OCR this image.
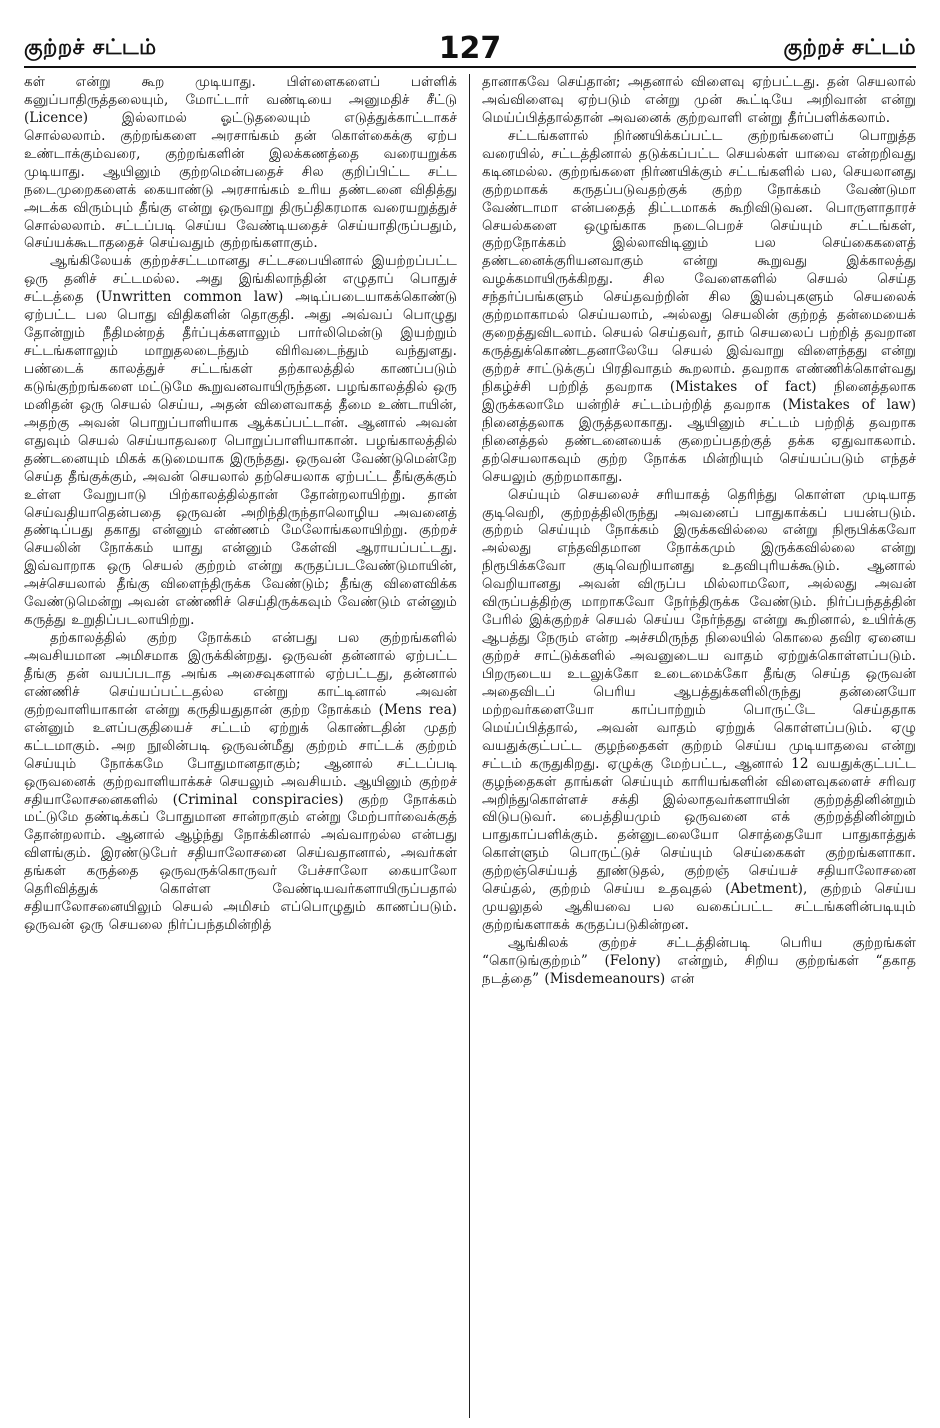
குற்றச் சட்டம்	127	குற்றச் சட்டம்

கள் என்று கூற முடியாது. பிள்ளைகளைப் பள்ளிக் கனுப்பாதிருத்தலையும், மோட்டார் வண்டியை அனுமதிச் சீட்டு (Licence) இல்லாமல் ஓட்டுதலையும் எடுத்துக்காட்டாகச் சொல்லலாம். குற்றங்களை அரசாங்கம் தன் கொள்கைக்கு ஏற்ப உண்டாக்கும்வரை, குற்றங்களின் இலக்கணத்தை வரையறுக்க முடியாது. ஆயினும் குற்றமென்பதைச் சில குறிப்பிட்ட சட்ட நடைமுறைகளைக் கையாண்டு அரசாங்கம் உரிய தண்டனை விதித்து அடக்க விரும்பும் தீங்கு என்று ஒருவாறு திருப்திகரமாக வரையறுத்துச் சொல்லலாம். சட்டப்படி செய்ய வேண்டியதைச் செய்யாதிருப்பதும், செய்யக்கூடாததைச் செய்வதும் குற்றங்களாகும்.

ஆங்கிலேயக் குற்றச்சட்டமானது சட்டசபையினால் இயற்றப்பட்ட ஒரு தனிச் சட்டமல்ல. அது இங்கிலாந்தின் எழுதாப் பொதுச் சட்டத்தை (Unwritten common law) அடிப்படையாகக்கொண்டு ஏற்பட்ட பல பொது விதிகளின் தொகுதி. அது அவ்வப் பொழுது தோன்றும் நீதிமன்றத் தீர்ப்புக்களாலும் பார்லிமென்டு இயற்றும் சட்டங்களாலும் மாறுதலடைந்தும் விரிவடைந்தும் வந்துளது. பண்டைக் காலத்துச் சட்டங்கள் தற்காலத்தில் காணப்படும் கடுங்குற்றங்களை மட்டுமே கூறுவனவாயிருந்தன. பழங்காலத்தில் ஒரு மனிதன் ஒரு செயல் செய்ய, அதன் விளைவாகத் தீமை உண்டாயின், அதற்கு அவன் பொறுப்பாளியாக ஆக்கப்பட்டான். ஆனால் அவன் எதுவும் செயல் செய்யாதவரை பொறுப்பாளியாகான். பழங்காலத்தில் தண்டனையும் மிகக் கடுமையாக இருந்தது. ஒருவன் வேண்டுமென்றே செய்த தீங்குக்கும், அவன் செயலால் தற்செயலாக ஏற்பட்ட தீங்குக்கும் உள்ள வேறுபாடு பிற்காலத்தில்தான் தோன்றலாயிற்று. தான் செய்வதியாதென்பதை ஒருவன் அறிந்திருந்தாலொழிய அவனைத் தண்டிப்பது தகாது என்னும் எண்ணம் மேலோங்கலாயிற்று. குற்றச் செயலின் நோக்கம் யாது என்னும் கேள்வி ஆராயப்பட்டது. இவ்வாறாக ஒரு செயல் குற்றம் என்று கருதப்படவேண்டுமாயின், அச்செயலால் தீங்கு விளைந்திருக்க வேண்டும்; தீங்கு விளைவிக்க வேண்டுமென்று அவன் எண்ணிச் செய்திருக்கவும் வேண்டும் என்னும் கருத்து உறுதிப்படலாயிற்று.

தற்காலத்தில் குற்ற நோக்கம் என்பது பல குற்றங்களில் அவசியமான அமிசமாக இருக்கின்றது. ஒருவன் தன்னால் ஏற்பட்ட தீங்கு தன் வயப்படாத அங்க அசைவுகளால் ஏற்பட்டது, தன்னால் எண்ணிச் செய்யப்பட்டதல்ல என்று காட்டினால் அவன் குற்றவாளியாகான் என்று கருதியதுதான் குற்ற நோக்கம் (Mens rea) என்னும் உளப்பகுதியைச் சட்டம் ஏற்றுக் கொண்டதின் முதற் கட்டமாகும். அற நூலின்படி ஒருவன்மீது குற்றம் சாட்டக் குற்றம் செய்யும் நோக்கமே போதுமானதாகும்; ஆனால் சட்டப்படி ஒருவனைக் குற்றவாளியாக்கச் செயலும் அவசியம். ஆயினும் குற்றச் சதியாலோசனைகளில் (Criminal conspiracies) குற்ற நோக்கம் மட்டுமே தண்டிக்கப் போதுமான சான்றாகும் என்று மேற்பார்வைக்குத் தோன்றலாம். ஆனால் ஆழ்ந்து நோக்கினால் அவ்வாறல்ல என்பது விளங்கும். இரண்டுபேர் சதியாலோசனை செய்வதானால், அவர்கள் தங்கள் கருத்தை ஒருவருக்கொருவர் பேச்சாலோ கையாலோ தெரிவித்துக் கொள்ள வேண்டியவர்களாயிருப்பதால் சதியாலோசனையிலும் செயல் அமிசம் எப்பொழுதும் காணப்படும். ஒருவன் ஒரு செயலை நிர்ப்பந்தமின்றித்

தானாகவே செய்தான்; அதனால் விளைவு ஏற்பட்டது. தன் செயலால் அவ்விளைவு ஏற்படும் என்று முன் கூட்டியே அறிவான் என்று மெய்ப்பித்தால்தான் அவனைக் குற்றவாளி என்று தீர்ப்பளிக்கலாம்.

சட்டங்களால் நிர்ணயிக்கப்பட்ட குற்றங்களைப் பொறுத்த வரையில், சட்டத்தினால் தடுக்கப்பட்ட செயல்கள் யாவை என்றறிவது கடினமல்ல. குற்றங்களை நிர்ணயிக்கும் சட்டங்களில் பல, செயலானது குற்றமாகக் கருதப்படுவதற்குக் குற்ற நோக்கம் வேண்டுமா வேண்டாமா என்பதைத் திட்டமாகக் கூறிவிடுவன. பொருளாதாரச் செயல்களை ஒழுங்காக நடைபெறச் செய்யும் சட்டங்கள், குற்றநோக்கம் இல்லாவிடினும் பல செய்கைகளைத் தண்டனைக்குரியனவாகும் என்று கூறுவது இக்காலத்து வழக்கமாயிருக்கிறது. சில வேளைகளில் செயல் செய்த சந்தர்ப்பங்களும் செய்தவற்றின் சில இயல்புகளும் செயலைக் குற்றமாகாமல் செய்யலாம், அல்லது செயலின் குற்றத் தன்மையைக் குறைத்துவிடலாம். செயல் செய்தவர், தாம் செயலைப் பற்றித் தவறான கருத்துக்கொண்டதனாலேயே செயல் இவ்வாறு விளைந்தது என்று குற்றச் சாட்டுக்குப் பிரதிவாதம் கூறலாம். தவறாக எண்ணிக்கொள்வது நிகழ்ச்சி பற்றித் தவறாக (Mistakes of fact) நினைத்தலாக இருக்கலாமே யன்றிச் சட்டம்பற்றித் தவறாக (Mistakes of law) நினைத்தலாக இருத்தலாகாது. ஆயினும் சட்டம் பற்றித் தவறாக நினைத்தல் தண்டனையைக் குறைப்பதற்குத் தக்க ஏதுவாகலாம். தற்செயலாகவும் குற்ற நோக்க மின்றியும் செய்யப்படும் எந்தச் செயலும் குற்றமாகாது.

செய்யும் செயலைச் சரியாகத் தெரிந்து கொள்ள முடியாத குடிவெறி, குற்றத்திலிருந்து அவனைப் பாதுகாக்கப் பயன்படும். குற்றம் செய்யும் நோக்கம் இருக்கவில்லை என்று நிரூபிக்கவோ அல்லது எந்தவிதமான நோக்கமும் இருக்கவில்லை என்று நிரூபிக்கவோ குடிவெறியானது உதவிபுரியக்கூடும். ஆனால் வெறியானது அவன் விருப்ப மில்லாமலோ, அல்லது அவன் விருப்பத்திற்கு மாறாகவோ நேர்ந்திருக்க வேண்டும். நிர்ப்பந்தத்தின் பேரில் இக்குற்றச் செயல் செய்ய நேர்ந்தது என்று கூறினால், உயிர்க்கு ஆபத்து நேரும் என்ற அச்சமிருந்த நிலையில் கொலை தவிர ஏனைய குற்றச் சாட்டுக்களில் அவனுடைய வாதம் ஏற்றுக்கொள்ளப்படும். பிறருடைய உடலுக்கோ உடைமைக்கோ தீங்கு செய்த ஒருவன் அதைவிடப் பெரிய ஆபத்துக்களிலிருந்து தன்னையோ மற்றவர்களையோ காப்பாற்றும் பொருட்டே செய்ததாக மெய்ப்பித்தால், அவன் வாதம் ஏற்றுக் கொள்ளப்படும். ஏழு வயதுக்குட்பட்ட குழந்தைகள் குற்றம் செய்ய முடியாதவை என்று சட்டம் கருதுகிறது. ஏழுக்கு மேற்பட்ட, ஆனால் 12 வயதுக்குட்பட்ட குழந்தைகள் தாங்கள் செய்யும் காரியங்களின் விளைவுகளைச் சரிவர அறிந்துகொள்ளச் சக்தி இல்லாதவர்களாயின் குற்றத்தினின்றும் விடுபடுவர். பைத்தியமும் ஒருவனை எக் குற்றத்தினின்றும் பாதுகாப்பளிக்கும். தன்னுடலையோ சொத்தையோ பாதுகாத்துக் கொள்ளும் பொருட்டுச் செய்யும் செய்கைகள் குற்றங்களாகா. குற்றஞ்செய்யத் தூண்டுதல், குற்றஞ் செய்யச் சதியாலோசனை செய்தல், குற்றம் செய்ய உதவுதல் (Abetment), குற்றம் செய்ய முயலுதல் ஆகியவை பல வகைப்பட்ட சட்டங்களின்படியும் குற்றங்களாகக் கருதப்படுகின்றன.

ஆங்கிலக் குற்றச் சட்டத்தின்படி பெரிய குற்றங்கள் “கொடுங்குற்றம்” (Felony) என்றும், சிறிய குற்றங்கள் “தகாத நடத்தை” (Misdemeanours) என்
